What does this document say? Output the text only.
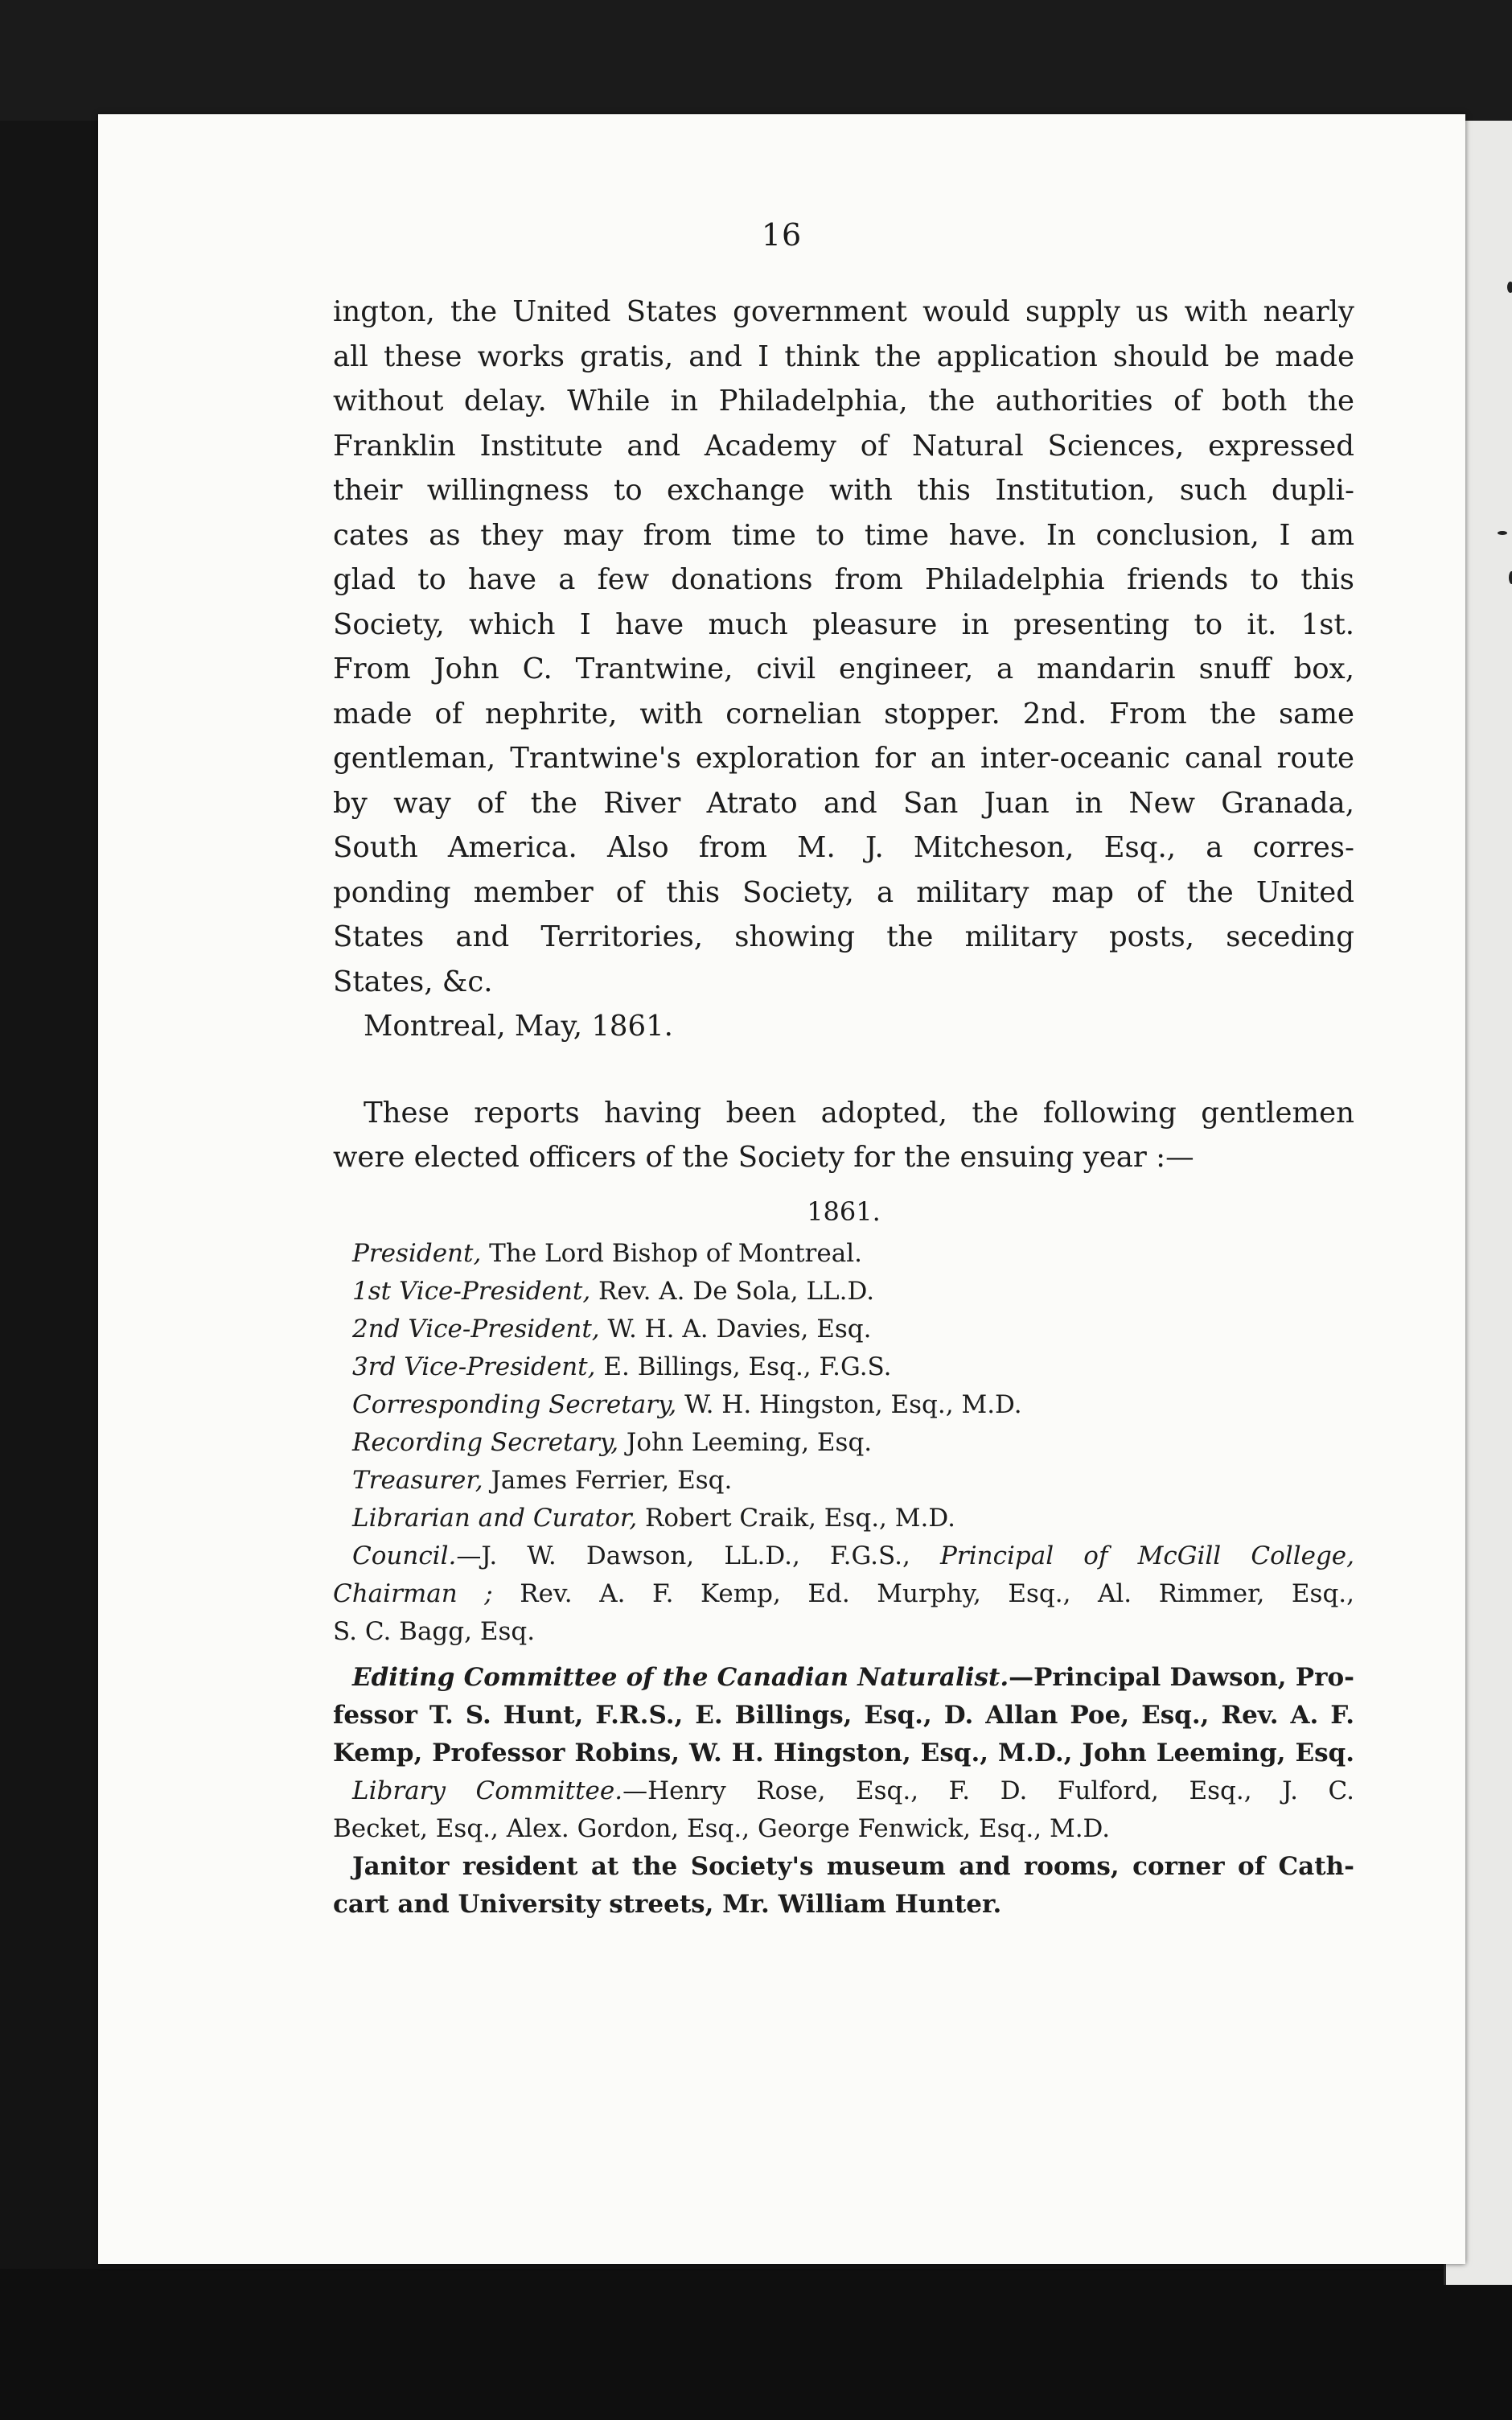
16
ington, the United States government would supply us with nearly
all these works gratis, and I think the application should be made
without delay. While in Philadelphia, the authorities of both the
Franklin Institute and Academy of Natural Sciences, expressed
their willingness to exchange with this Institution, such dupli-
cates as they may from time to time have. In conclusion, I am
glad to have a few donations from Philadelphia friends to this
Society, which I have much pleasure in presenting to it. 1st.
From John C. Trantwine, civil engineer, a mandarin snuff box,
made of nephrite, with cornelian stopper. 2nd. From the same
gentleman, Trantwine's exploration for an inter-oceanic canal route
by way of the River Atrato and San Juan in New Granada,
South America. Also from M. J. Mitcheson, Esq., a corres-
ponding member of this Society, a military map of the United
States and Territories, showing the military posts, seceding
States, &c.
Montreal, May, 1861.
These reports having been adopted, the following gentlemen
were elected officers of the Society for the ensuing year :—
1861.
President, The Lord Bishop of Montreal.
1st Vice-President, Rev. A. De Sola, LL.D.
2nd Vice-President, W. H. A. Davies, Esq.
3rd Vice-President, E. Billings, Esq., F.G.S.
Corresponding Secretary, W. H. Hingston, Esq., M.D.
Recording Secretary, John Leeming, Esq.
Treasurer, James Ferrier, Esq.
Librarian and Curator, Robert Craik, Esq., M.D.
Council.—J. W. Dawson, LL.D., F.G.S., Principal of McGill College,
Chairman ; Rev. A. F. Kemp, Ed. Murphy, Esq., Al. Rimmer, Esq.,
S. C. Bagg, Esq.
Editing Committee of the Canadian Naturalist.—Principal Dawson, Pro-
fessor T. S. Hunt, F.R.S., E. Billings, Esq., D. Allan Poe, Esq., Rev. A. F.
Kemp, Professor Robins, W. H. Hingston, Esq., M.D., John Leeming, Esq.
Library Committee.—Henry Rose, Esq., F. D. Fulford, Esq., J. C.
Becket, Esq., Alex. Gordon, Esq., George Fenwick, Esq., M.D.
Janitor resident at the Society's museum and rooms, corner of Cath-
cart and University streets, Mr. William Hunter.
